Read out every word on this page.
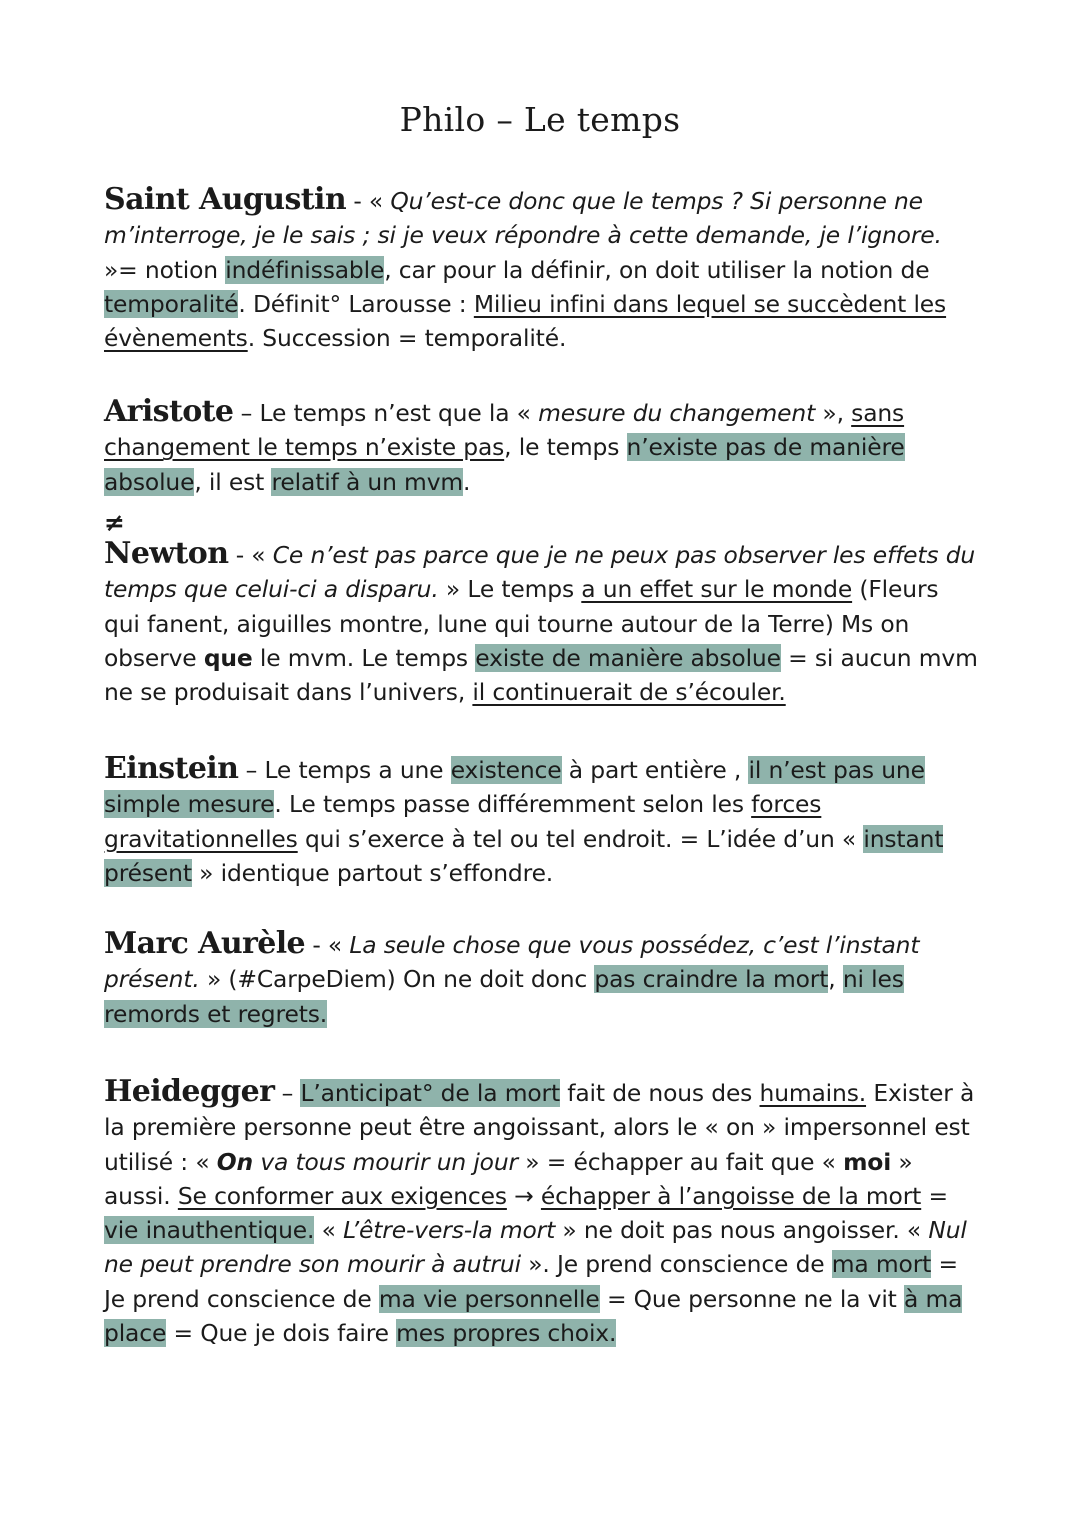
Philo – Le temps
Saint Augustin - « Qu’est-ce donc que le temps ? Si personne ne m’interroge, je le sais ; si je veux répondre à cette demande, je l’ignore. »= notion indéfinissable, car pour la définir, on doit utiliser la notion de temporalité. Définit° Larousse : Milieu infini dans lequel se succèdent les évènements. Succession = temporalité.
Aristote – Le temps n’est que la « mesure du changement », sans changement le temps n’existe pas, le temps n’existe pas de manière absolue, il est relatif à un mvm.
≠
Newton - « Ce n’est pas parce que je ne peux pas observer les effets du temps que celui-ci a disparu. » Le temps a un effet sur le monde (Fleurs qui fanent, aiguilles montre, lune qui tourne autour de la Terre) Ms on observe que le mvm. Le temps existe de manière absolue = si aucun mvm ne se produisait dans l’univers, il continuerait de s’écouler.
Einstein – Le temps a une existence à part entière , il n’est pas une simple mesure. Le temps passe différemment selon les forces gravitationnelles qui s’exerce à tel ou tel endroit. = L’idée d’un « instant présent » identique partout s’effondre.
Marc Aurèle - « La seule chose que vous possédez, c’est l’instant présent. » (#CarpeDiem) On ne doit donc pas craindre la mort, ni les remords et regrets.
Heidegger – L’anticipat° de la mort fait de nous des humains. Exister à la première personne peut être angoissant, alors le « on » impersonnel est utilisé : « On va tous mourir un jour » = échapper au fait que « moi » aussi. Se conformer aux exigences → échapper à l’angoisse de la mort = vie inauthentique. « L’être-vers-la mort » ne doit pas nous angoisser. « Nul ne peut prendre son mourir à autrui ». Je prend conscience de ma mort = Je prend conscience de ma vie personnelle = Que personne ne la vit à ma place = Que je dois faire mes propres choix.
